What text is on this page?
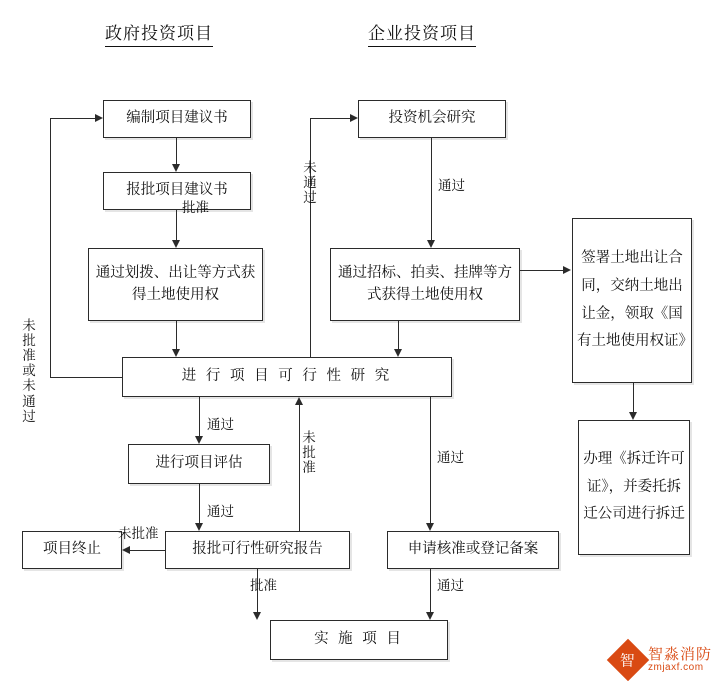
政府投资项目	企业投资项目
编制项目建议书
报批项目建议书
通过划拨、出让等方式获得土地使用权
进 行 项 目 可 行 性 研 究
进行项目评估
项目终止	报批可行性研究报告
实 施 项 目
投资机会研究
通过招标、拍卖、挂牌等方式获得土地使用权
申请核准或登记备案
签署土地出让合同，交纳土地出让金，领取《国有土地使用权证》
办理《拆迁许可证》，并委托拆迁公司进行拆迁
批准
通过
通过
批准
未批准
未批准或未通过
未批准
通过
未通过
通过
通过
智 智淼消防
zmjaxf.com
